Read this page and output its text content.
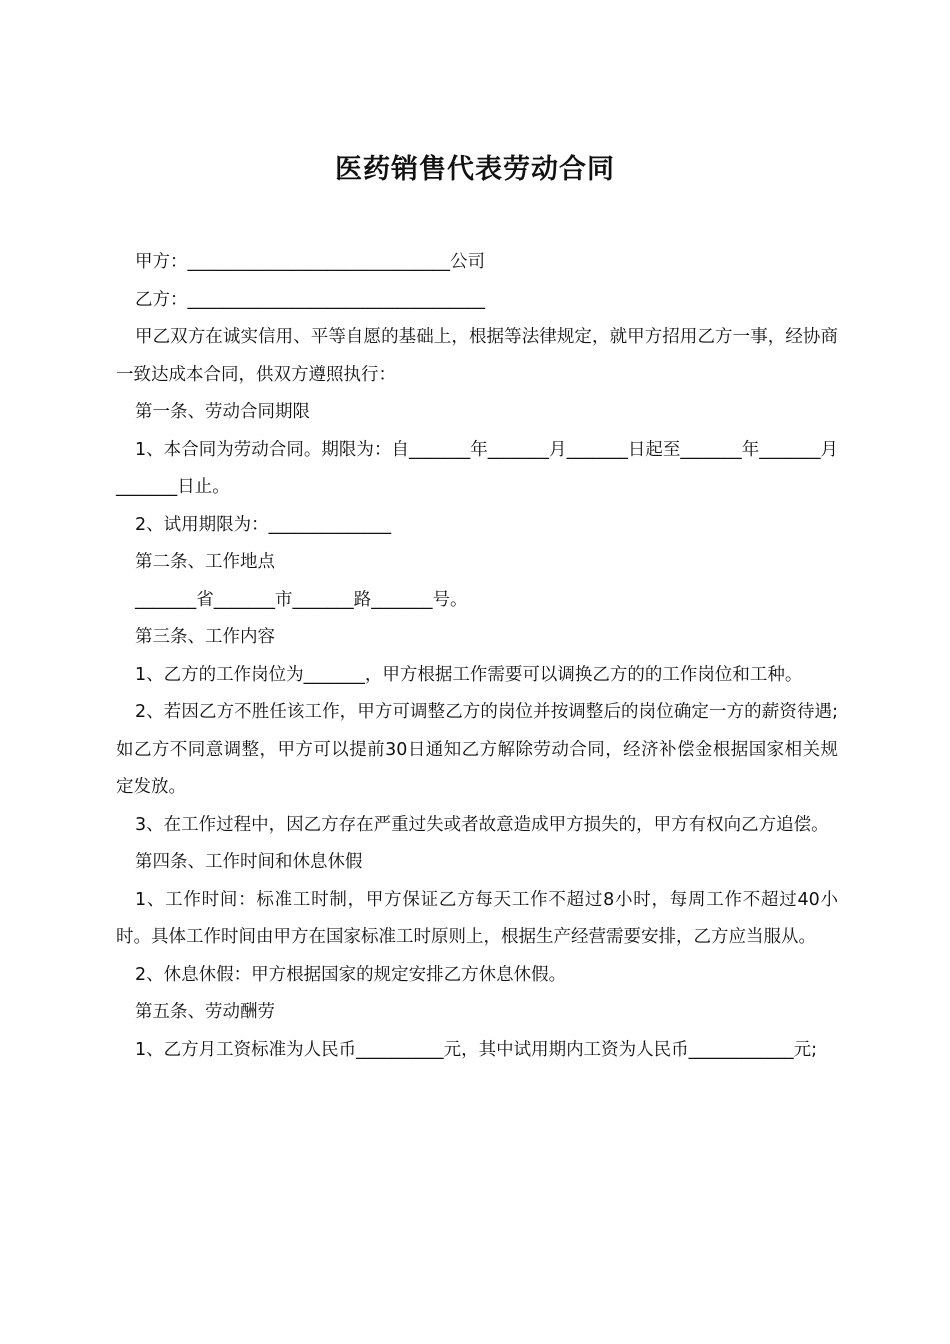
医药销售代表劳动合同

甲方：______________________________公司

乙方：__________________________________

甲乙双方在诚实信用、平等自愿的基础上，根据等法律规定，就甲方招用乙方一事，经协商一致达成本合同，供双方遵照执行：

第一条、劳动合同期限

1、本合同为劳动合同。期限为：自_______年_______月_______日起至_______年_______月_______日止。

2、试用期限为：______________

第二条、工作地点

_______省_______市_______路_______号。

第三条、工作内容

1、乙方的工作岗位为_______，甲方根据工作需要可以调换乙方的的工作岗位和工种。

2、若因乙方不胜任该工作，甲方可调整乙方的岗位并按调整后的岗位确定一方的薪资待遇;如乙方不同意调整，甲方可以提前30日通知乙方解除劳动合同，经济补偿金根据国家相关规定发放。

3、在工作过程中，因乙方存在严重过失或者故意造成甲方损失的，甲方有权向乙方追偿。

第四条、工作时间和休息休假

1、工作时间：标准工时制，甲方保证乙方每天工作不超过8小时，每周工作不超过40小时。具体工作时间由甲方在国家标准工时原则上，根据生产经营需要安排，乙方应当服从。

2、休息休假：甲方根据国家的规定安排乙方休息休假。

第五条、劳动酬劳

1、乙方月工资标准为人民币__________元，其中试用期内工资为人民币____________元;
